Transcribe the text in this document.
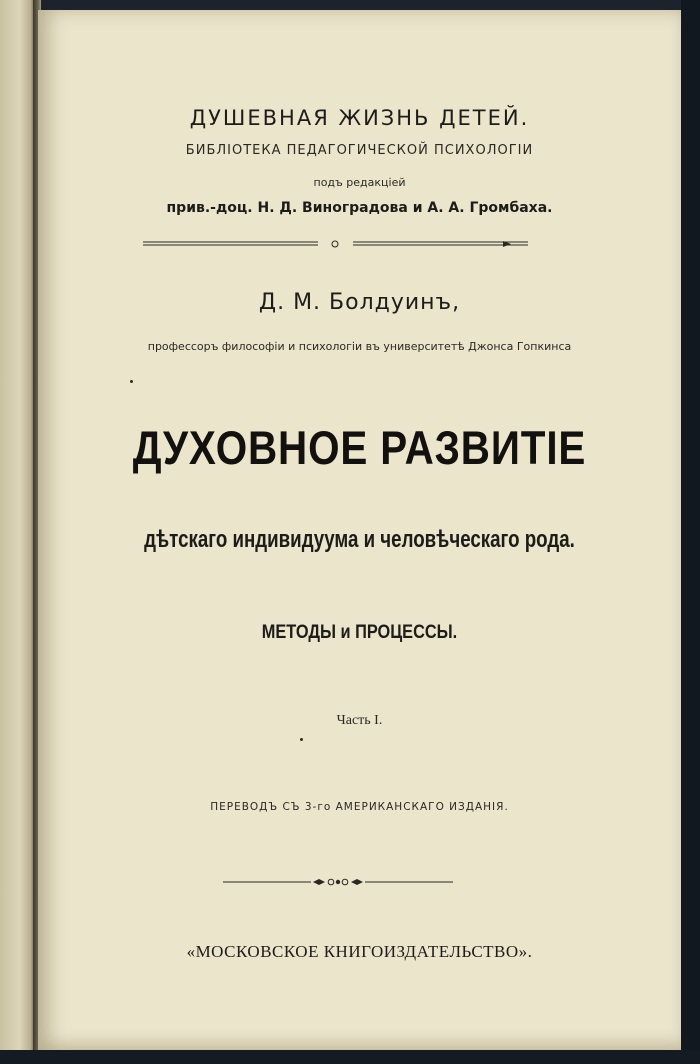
ДУШЕВНАЯ ЖИЗНЬ ДЕТЕЙ.
БИБЛІОТЕКА ПЕДАГОГИЧЕСКОЙ ПСИХОЛОГІИ
подъ редакціей
прив.-доц. Н. Д. Виноградова и А. А. Громбаха.
Д. М. Болдуинъ,
профессоръ философіи и психологіи въ университетѣ Джонса Гопкинса
ДУХОВНОЕ РАЗВИТІЕ
дѣтскаго индивидуума и человѣческаго рода.
МЕТОДЫ и ПРОЦЕССЫ.
Часть I.
ПЕРЕВОДЪ СЪ 3-го АМЕРИКАНСКАГО ИЗДАНІЯ.
«МОСКОВСКОЕ КНИГОИЗДАТЕЛЬСТВО».
